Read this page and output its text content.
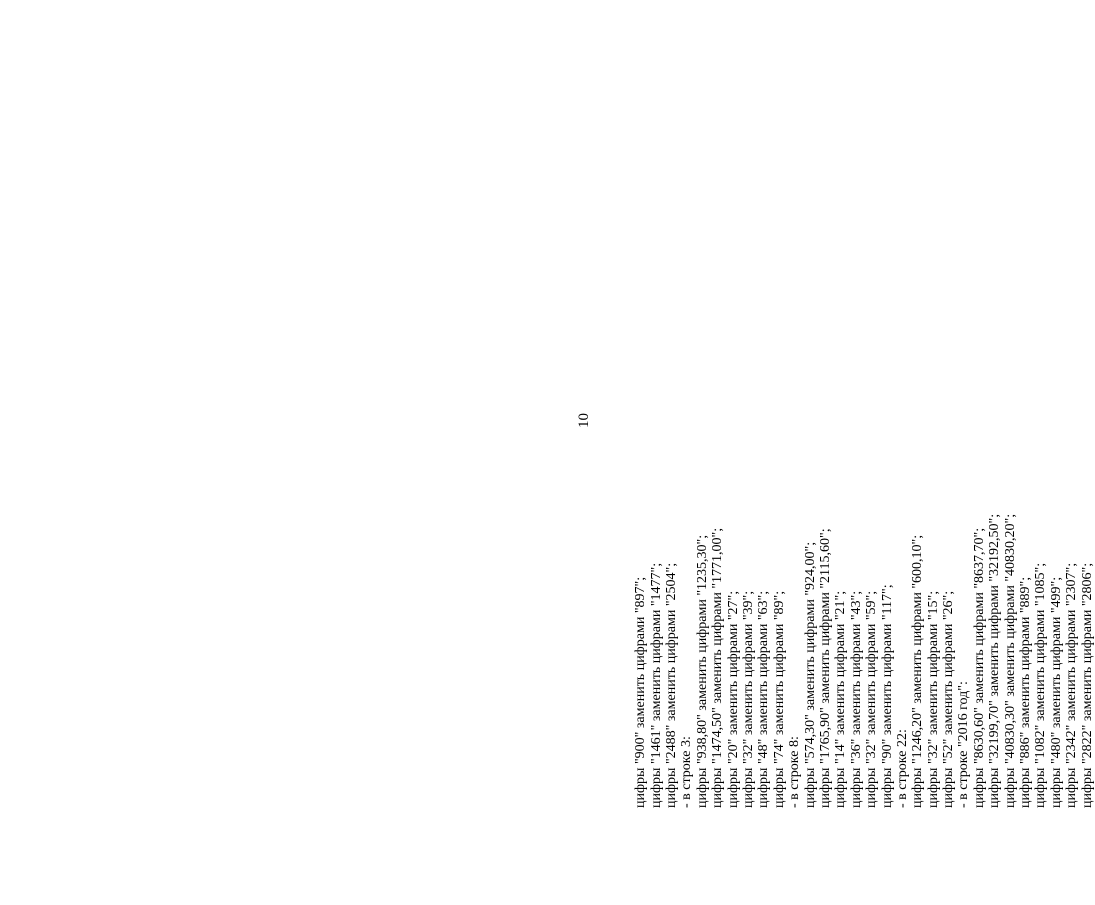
10
цифры "900" заменить цифрами "897"; цифры "1461" заменить цифрами "1477"; цифры "2488" заменить цифрами "2504"; - в строке 3: цифры "938,80" заменить цифрами "1235,30"; цифры "1474,50" заменить цифрами "1771,00"; цифры "20" заменить цифрами "27"; цифры "32" заменить цифрами "39"; цифры "48" заменить цифрами "63"; цифры "74" заменить цифрами "89"; - в строке 8: цифры "574,30" заменить цифрами "924,00"; цифры "1765,90" заменить цифрами "2115,60"; цифры "14" заменить цифрами "21"; цифры "36" заменить цифрами "43"; цифры "32" заменить цифрами "59"; цифры "90" заменить цифрами "117"; - в строке 22: цифры "1246,20" заменить цифрами "600,10"; цифры "32" заменить цифрами "15"; цифры "52" заменить цифрами "26"; - в строке "2016 год": цифры "8630,60" заменить цифрами "8637,70"; цифры "32199,70" заменить цифрами "32192,50"; цифры "40830,30" заменить цифрами "40830,20"; цифры "886" заменить цифрами "889"; цифры "1082" заменить цифрами "1085"; цифры "480" заменить цифрами "499"; цифры "2342" заменить цифрами "2307"; цифры "2822" заменить цифрами "2806";
